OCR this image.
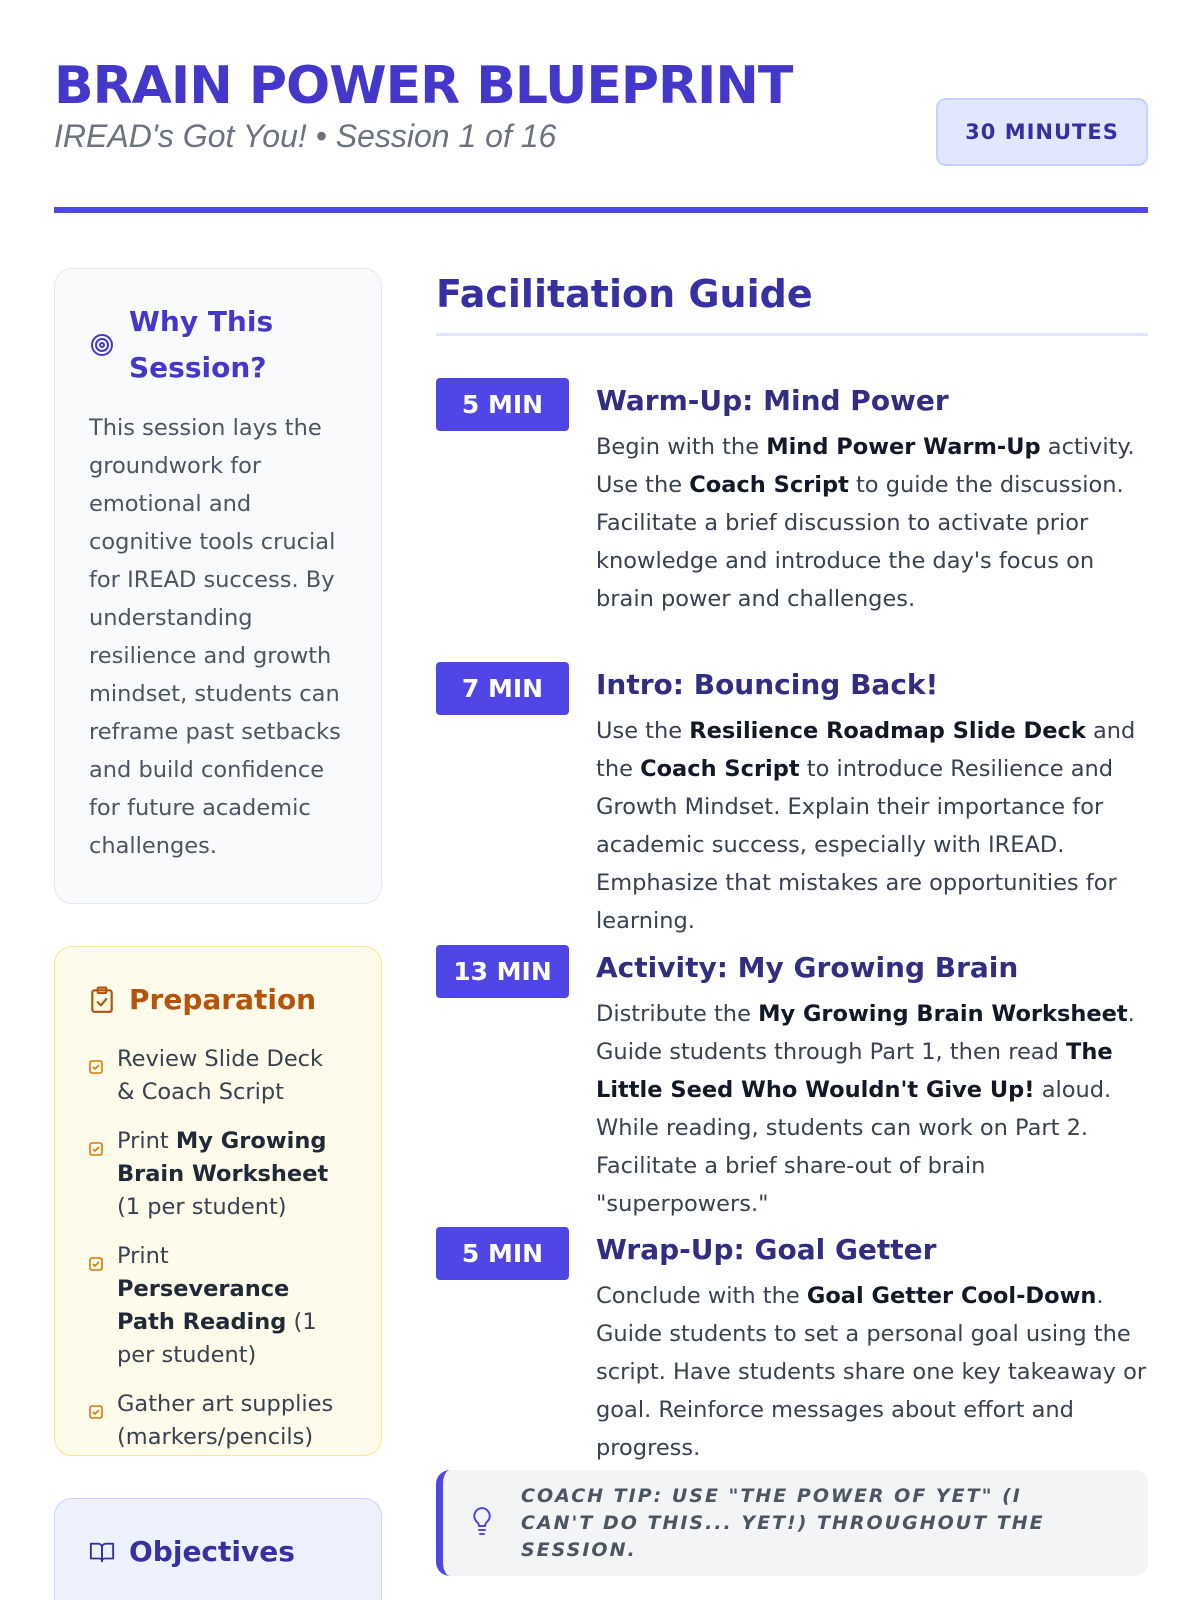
BRAIN POWER BLUEPRINT
IREAD's Got You! • Session 1 of 16	30 MINUTES
Why This Session?

This session lays the groundwork for emotional and cognitive tools crucial for IREAD success. By understanding resilience and growth mindset, students can reframe past setbacks and build confidence for future academic challenges.

Preparation
Review Slide Deck & Coach Script
Print My Growing Brain Worksheet (1 per student)
Print Perseverance Path Reading (1 per student)
Gather art supplies (markers/pencils)
Objectives
Facilitation Guide
5 MIN	Warm-Up: Mind Power

Begin with the Mind Power Warm-Up activity. Use the Coach Script to guide the discussion. Facilitate a brief discussion to activate prior knowledge and introduce the day's focus on brain power and challenges.

7 MIN	Intro: Bouncing Back!

Use the Resilience Roadmap Slide Deck and the Coach Script to introduce Resilience and Growth Mindset. Explain their importance for academic success, especially with IREAD. Emphasize that mistakes are opportunities for learning.

13 MIN	Activity: My Growing Brain

Distribute the My Growing Brain Worksheet. Guide students through Part 1, then read The Little Seed Who Wouldn't Give Up! aloud. While reading, students can work on Part 2. Facilitate a brief share-out of brain "superpowers."

5 MIN	Wrap-Up: Goal Getter

Conclude with the Goal Getter Cool-Down. Guide students to set a personal goal using the script. Have students share one key takeaway or goal. Reinforce messages about effort and progress.

COACH TIP: USE "THE POWER OF YET" (I CAN'T DO THIS... YET!) THROUGHOUT THE SESSION.
